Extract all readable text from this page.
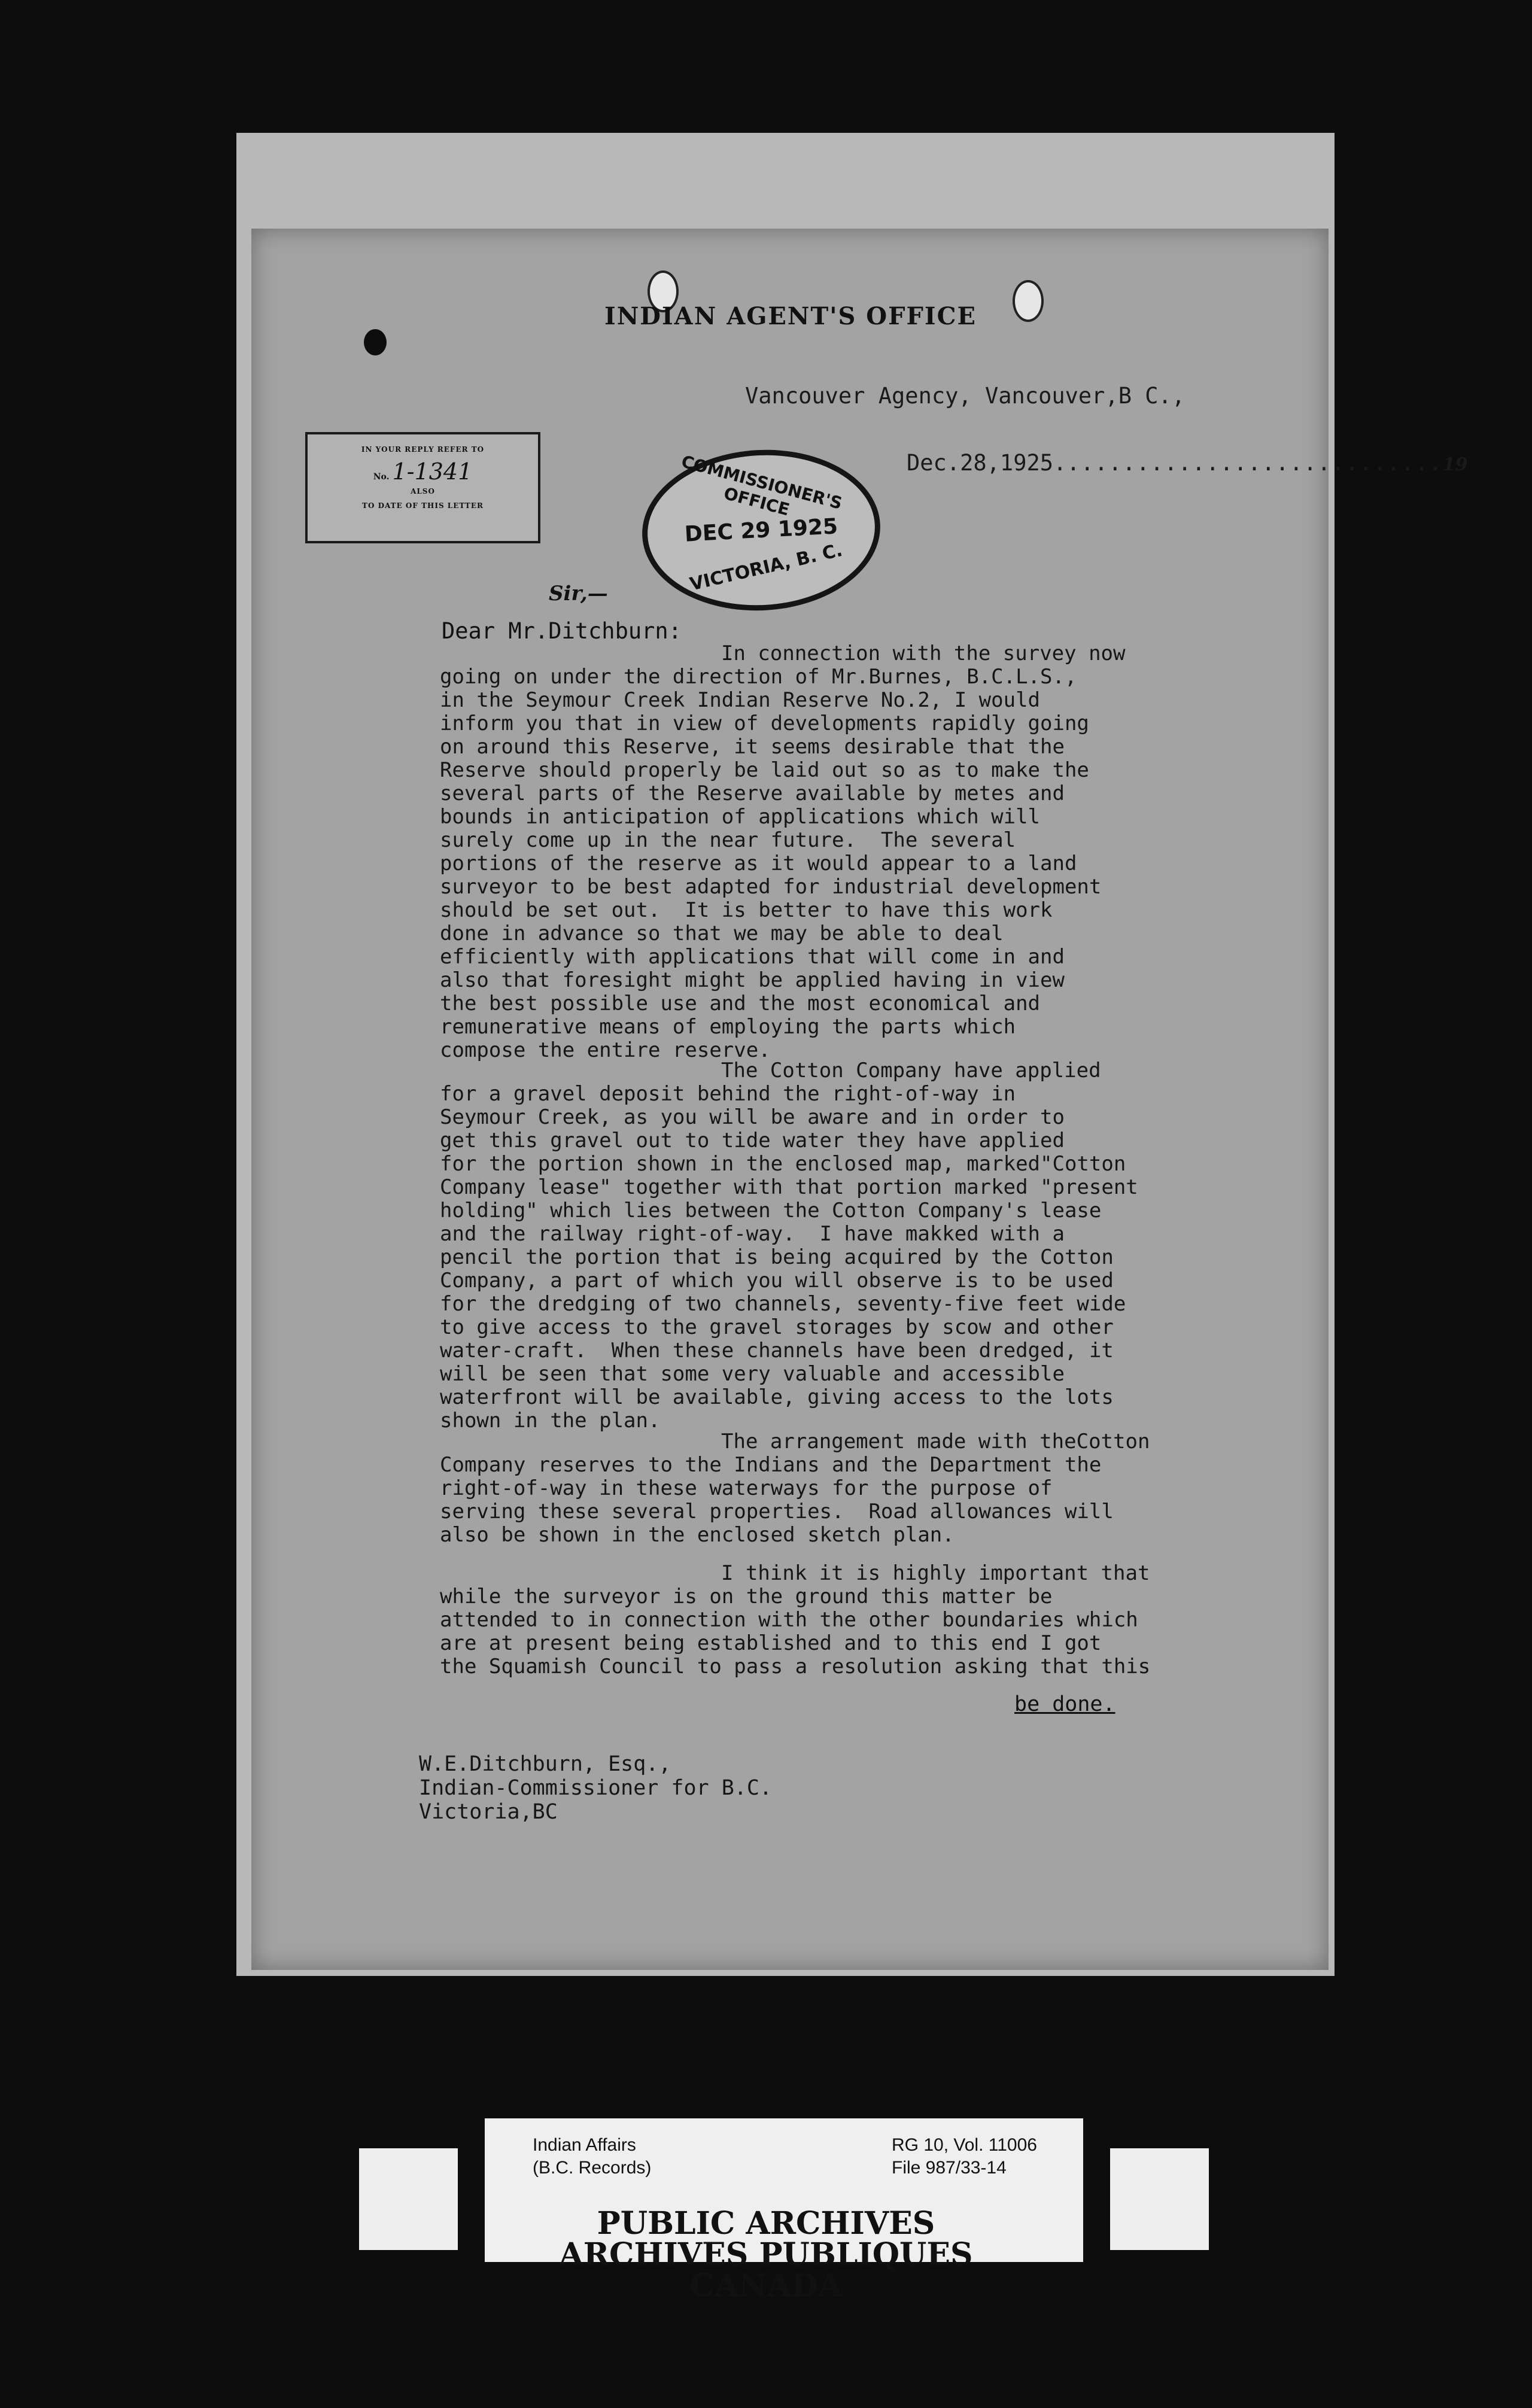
INDIAN AGENT'S OFFICE
Vancouver Agency, Vancouver,B C.,
Dec.28,1925............................19
IN YOUR REPLY REFER TO
No. 1-1341
ALSO
TO DATE OF THIS LETTER	COMMISSIONER'S OFFICE
DEC 29 1925
VICTORIA, B. C.
Sir,—
Dear Mr.Ditchburn:
In connection with the survey now
going on under the direction of Mr.Burnes, B.C.L.S.,
in the Seymour Creek Indian Reserve No.2, I would
inform you that in view of developments rapidly going
on around this Reserve, it seems desirable that the
Reserve should properly be laid out so as to make the
several parts of the Reserve available by metes and
bounds in anticipation of applications which will
surely come up in the near future.  The several
portions of the reserve as it would appear to a land
surveyor to be best adapted for industrial development
should be set out.  It is better to have this work
done in advance so that we may be able to deal
efficiently with applications that will come in and
also that foresight might be applied having in view
the best possible use and the most economical and
remunerative means of employing the parts which
compose the entire reserve.
The Cotton Company have applied
for a gravel deposit behind the right-of-way in
Seymour Creek, as you will be aware and in order to
get this gravel out to tide water they have applied
for the portion shown in the enclosed map, marked"Cotton
Company lease" together with that portion marked "present
holding" which lies between the Cotton Company's lease
and the railway right-of-way.  I have makked with a
pencil the portion that is being acquired by the Cotton
Company, a part of which you will observe is to be used
for the dredging of two channels, seventy-five feet wide
to give access to the gravel storages by scow and other
water-craft.  When these channels have been dredged, it
will be seen that some very valuable and accessible
waterfront will be available, giving access to the lots
shown in the plan.
The arrangement made with theCotton
Company reserves to the Indians and the Department the
right-of-way in these waterways for the purpose of
serving these several properties.  Road allowances will
also be shown in the enclosed sketch plan.
I think it is highly important that
while the surveyor is on the ground this matter be
attended to in connection with the other boundaries which
are at present being established and to this end I got
the Squamish Council to pass a resolution asking that this
be done.
W.E.Ditchburn, Esq.,
Indian-Commissioner for B.C.
Victoria,BC
Indian Affairs
(B.C. Records)
RG 10, Vol. 11006
File 987/33-14
PUBLIC ARCHIVES
ARCHIVES PUBLIQUES
CANADA
